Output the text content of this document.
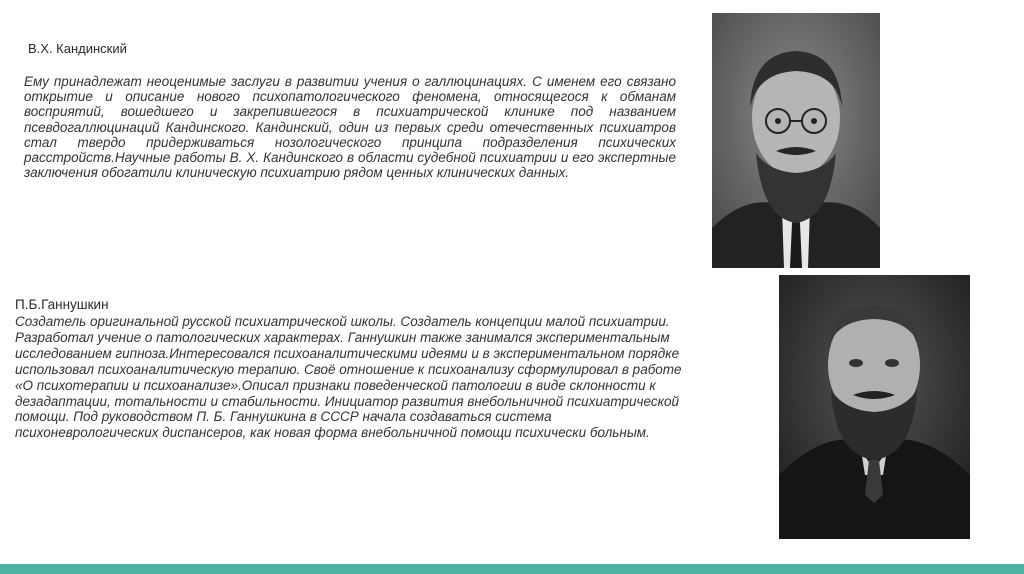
В.Х. Кандинский
Ему принадлежат неоценимые заслуги в развитии учения о галлюцинациях. С именем его связано открытие и описание нового психопатологического феномена, относящегося к обманам восприятий, вошедшего и закрепившегося в психиатрической клинике под названием псевдогаллюцинаций Кандинского. Кандинский, один из первых среди отечественных психиатров стал твердо придерживаться нозологического принципа подразделения психических расстройств.Научные работы В. Х. Кандинского в области судебной психиатрии и его экспертные заключения обогатили клиническую психиатрию рядом ценных клинических данных.
П.Б.Ганнушкин
Создатель оригинальной русской психиатрической школы. Создатель концепции малой психиатрии. Разработал учение о патологических характерах. Ганнушкин также занимался экспериментальным исследованием гипноза.Интересовался психоаналитическими идеями и в экспериментальном порядке использовал психоаналитическую терапию. Своё отношение к психоанализу сформулировал в работе «О психотерапии и психоанализе».Описал признаки поведенческой патологии в виде склонности к дезадаптации, тотальности и стабильности. Инициатор развития внебольничной психиатрической помощи. Под руководством П. Б. Ганнушкина в СССР начала создаваться система психоневрологических диспансеров, как новая форма внебольничной помощи психически больным.
